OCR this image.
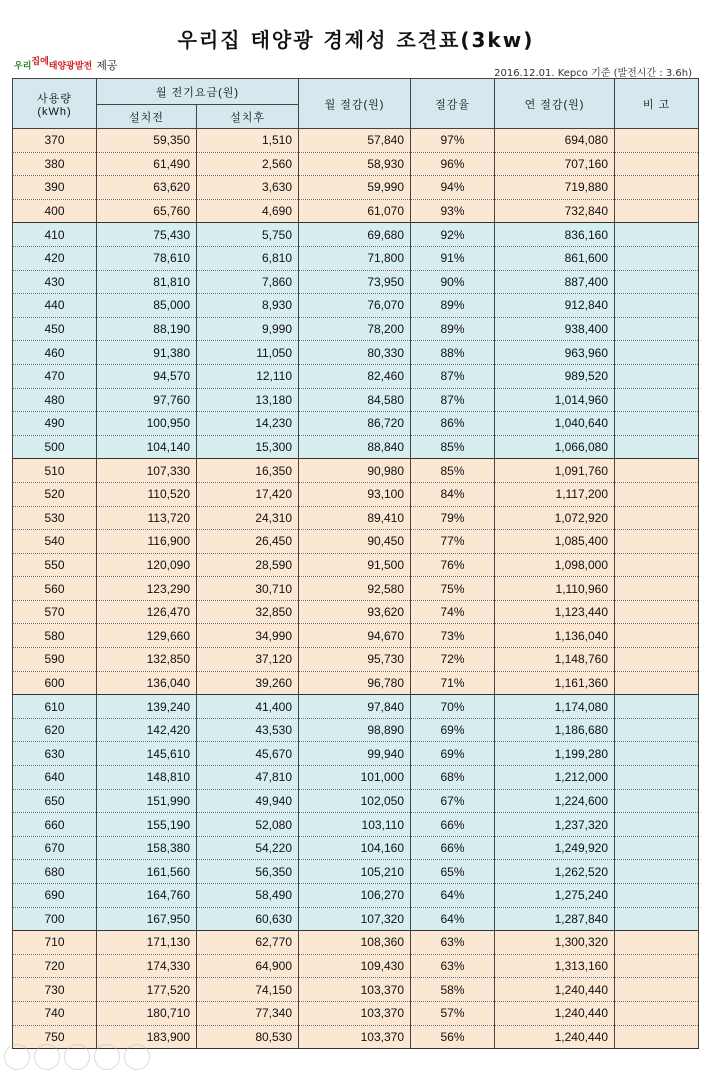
우리집 태양광 경제성 조견표(3kw)
우리$^{집에}$태양광발전 제공
2016.12.01. Kepco 기준 (발전시간 : 3.6h)
사용량
(kWh)	월 전기요금(원)		월 절감(원)	절감율	연 절감(원)	비 고
	설치전	설치후				
370	59,350	1,510	57,840	97%	694,080	
380	61,490	2,560	58,930	96%	707,160	
390	63,620	3,630	59,990	94%	719,880	
400	65,760	4,690	61,070	93%	732,840	
410	75,430	5,750	69,680	92%	836,160	
420	78,610	6,810	71,800	91%	861,600	
430	81,810	7,860	73,950	90%	887,400	
440	85,000	8,930	76,070	89%	912,840	
450	88,190	9,990	78,200	89%	938,400	
460	91,380	11,050	80,330	88%	963,960	
470	94,570	12,110	82,460	87%	989,520	
480	97,760	13,180	84,580	87%	1,014,960	
490	100,950	14,230	86,720	86%	1,040,640	
500	104,140	15,300	88,840	85%	1,066,080	
510	107,330	16,350	90,980	85%	1,091,760	
520	110,520	17,420	93,100	84%	1,117,200	
530	113,720	24,310	89,410	79%	1,072,920	
540	116,900	26,450	90,450	77%	1,085,400	
550	120,090	28,590	91,500	76%	1,098,000	
560	123,290	30,710	92,580	75%	1,110,960	
570	126,470	32,850	93,620	74%	1,123,440	
580	129,660	34,990	94,670	73%	1,136,040	
590	132,850	37,120	95,730	72%	1,148,760	
600	136,040	39,260	96,780	71%	1,161,360	
610	139,240	41,400	97,840	70%	1,174,080	
620	142,420	43,530	98,890	69%	1,186,680	
630	145,610	45,670	99,940	69%	1,199,280	
640	148,810	47,810	101,000	68%	1,212,000	
650	151,990	49,940	102,050	67%	1,224,600	
660	155,190	52,080	103,110	66%	1,237,320	
670	158,380	54,220	104,160	66%	1,249,920	
680	161,560	56,350	105,210	65%	1,262,520	
690	164,760	58,490	106,270	64%	1,275,240	
700	167,950	60,630	107,320	64%	1,287,840	
710	171,130	62,770	108,360	63%	1,300,320	
720	174,330	64,900	109,430	63%	1,313,160	
730	177,520	74,150	103,370	58%	1,240,440	
740	180,710	77,340	103,370	57%	1,240,440	
750	183,900	80,530	103,370	56%	1,240,440	
